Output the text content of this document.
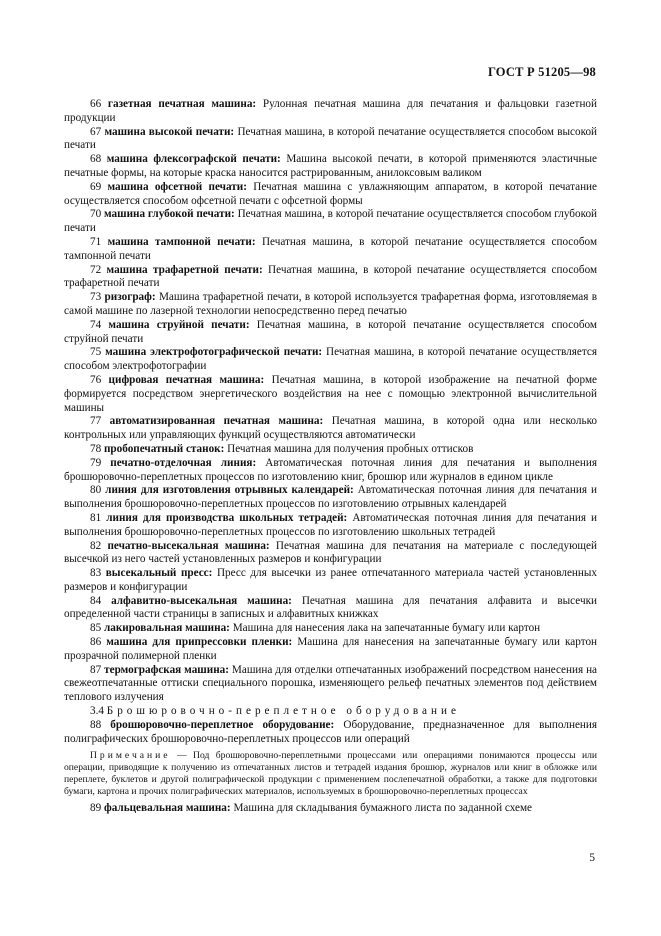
ГОСТ Р 51205—98

66 газетная печатная машина: Рулонная печатная машина для печатания и фальцовки газетной продукции

67 машина высокой печати: Печатная машина, в которой печатание осуществляется способом высокой печати

68 машина флексографской печати: Машина высокой печати, в которой применяются эластичные печатные формы, на которые краска наносится растрированным, анилоксовым валиком

69 машина офсетной печати: Печатная машина с увлажняющим аппаратом, в которой печатание осуществляется способом офсетной печати с офсетной формы

70 машина глубокой печати: Печатная машина, в которой печатание осуществляется способом глубокой печати

71 машина тампонной печати: Печатная машина, в которой печатание осуществляется способом тампонной печати

72 машина трафаретной печати: Печатная машина, в которой печатание осуществляется способом трафаретной печати

73 ризограф: Машина трафаретной печати, в которой используется трафаретная форма, изготовляемая в самой машине по лазерной технологии непосредственно перед печатью

74 машина струйной печати: Печатная машина, в которой печатание осуществляется способом струйной печати

75 машина электрофотографической печати: Печатная машина, в которой печатание осуществляется способом электрофотографии

76 цифровая печатная машина: Печатная машина, в которой изображение на печатной форме формируется посредством энергетического воздействия на нее с помощью электронной вычислительной машины

77 автоматизированная печатная машина: Печатная машина, в которой одна или несколько контрольных или управляющих функций осуществляются автоматически

78 пробопечатный станок: Печатная машина для получения пробных оттисков

79 печатно-отделочная линия: Автоматическая поточная линия для печатания и выполнения брошюровочно-переплетных процессов по изготовлению книг, брошюр или журналов в едином цикле

80 линия для изготовления отрывных календарей: Автоматическая поточная линия для печатания и выполнения брошюровочно-переплетных процессов по изготовлению отрывных календарей

81 линия для производства школьных тетрадей: Автоматическая поточная линия для печатания и выполнения брошюровочно-переплетных процессов по изготовлению школьных тетрадей

82 печатно-высекальная машина: Печатная машина для печатания на материале с последующей высечкой из него частей установленных размеров и конфигурации

83 высекальный пресс: Пресс для высечки из ранее отпечатанного материала частей установленных размеров и конфигурации

84 алфавитно-высекальная машина: Печатная машина для печатания алфавита и высечки определенной части страницы в записных и алфавитных книжках

85 лакировальная машина: Машина для нанесения лака на запечатанные бумагу или картон

86 машина для припрессовки пленки: Машина для нанесения на запечатанные бумагу или картон прозрачной полимерной пленки

87 термографская машина: Машина для отделки отпечатанных изображений посредством нанесения на свежеотпечатанные оттиски специального порошка, изменяющего рельеф печатных элементов под действием теплового излучения

3.4 Брошюровочно-переплетное оборудование

88 брошюровочно-переплетное оборудование: Оборудование, предназначенное для выполнения полиграфических брошюровочно-переплетных процессов или операций

Примечание — Под брошюровочно-переплетными процессами или операциями понимаются процессы или операции, приводящие к получению из отпечатанных листов и тетрадей издания брошюр, журналов или книг в обложке или переплете, буклетов и другой полиграфической продукции с применением послепечатной обработки, а также для подготовки бумаги, картона и прочих полиграфических материалов, используемых в брошюровочно-переплетных процессах

89 фальцевальная машина: Машина для складывания бумажного листа по заданной схеме

5
